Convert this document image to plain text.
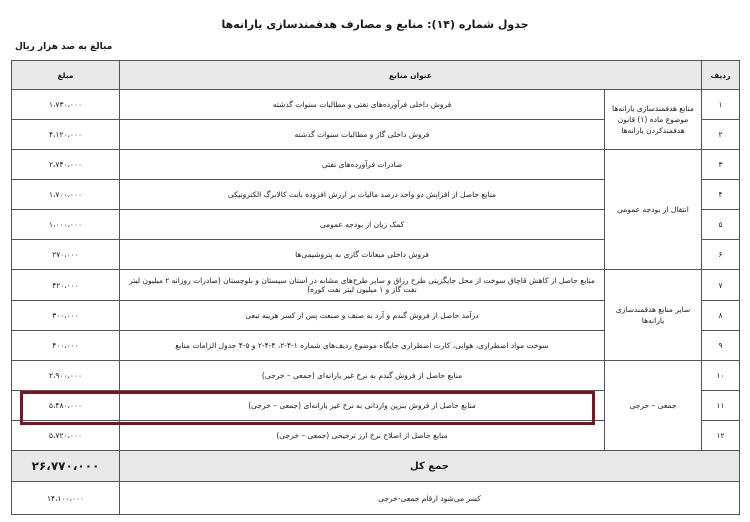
جدول شماره (۱۴): منابع و مصارف هدفمندسازی یارانه‌ها
مبالغ به صد هزار ریال
ردیف	عنوان منابع		مبلغ
۱	منابع هدفمندسازی یارانه‌ها موضوع ماده (۱) قانون هدفمندکردن یارانه‌ها	فروش داخلی فرآورده‌های نفتی و مطالبات سنوات گذشته	۱،۷۳۰،۰۰۰
۲		فروش داخلی گاز و مطالبات سنوات گذشته	۴،۱۲۰،۰۰۰
۳	انتقال از بودجه عمومی	صادرات فرآورده‌های نفتی	۲،۷۴۰،۰۰۰
۴		منابع حاصل از افزایش دو واحد درصد مالیات بر ارزش افزوده بابت کالابرگ الکترونیکی	۱،۷۰۰،۰۰۰
۵		کمک زیان از بودجه عمومی	۱،۰۰۰،۰۰۰
۶		فروش داخلی میعانات گازی به پتروشیمی‌ها	۲۷۰،۰۰۰
۷	سایر منابع هدفمندسازی یارانه‌ها	منابع حاصل از کاهش قاچاق سوخت از محل جایگزینی طرح رزاق و سایر طرح‌های مشابه در استان سیستان و بلوچستان (صادرات روزانه ۲ میلیون لیتر نفت گاز و ۱ میلیون لیتر نفت کوره)	۴۲۰،۰۰۰
۸		درآمد حاصل از فروش گندم و آرد به صنف و صنعت پس از کسر هزینه تبعی	۳۰۰،۰۰۰
۹		سوخت مواد اضطراری، هوایی، کارت اضطراری جایگاه موضوع ردیف‌های شماره ۱-۴-۲، ۴-۴-۲ و ۵-۴ جدول الزامات منابع	۴۰۰،۰۰۰
۱۰	جمعی – خرجی	منابع حاصل از فروش گندم به نرخ غیر یارانه‌ای (جمعی – خرجی)	۲،۹۰۰،۰۰۰
۱۱		منابع حاصل از فروش بنزین وارداتی به نرخ غیر یارانه‌ای (جمعی – خرجی)	۵،۴۸۰،۰۰۰
۱۲		منابع حاصل از اصلاح نرخ ارز ترجیحی (جمعی – خرجی)	۵،۷۲۰،۰۰۰
جمع کل			۲۶،۷۷۰،۰۰۰
کسر می‌شود ارقام جمعی-خرجی			۱۴،۱۰۰،۰۰۰
